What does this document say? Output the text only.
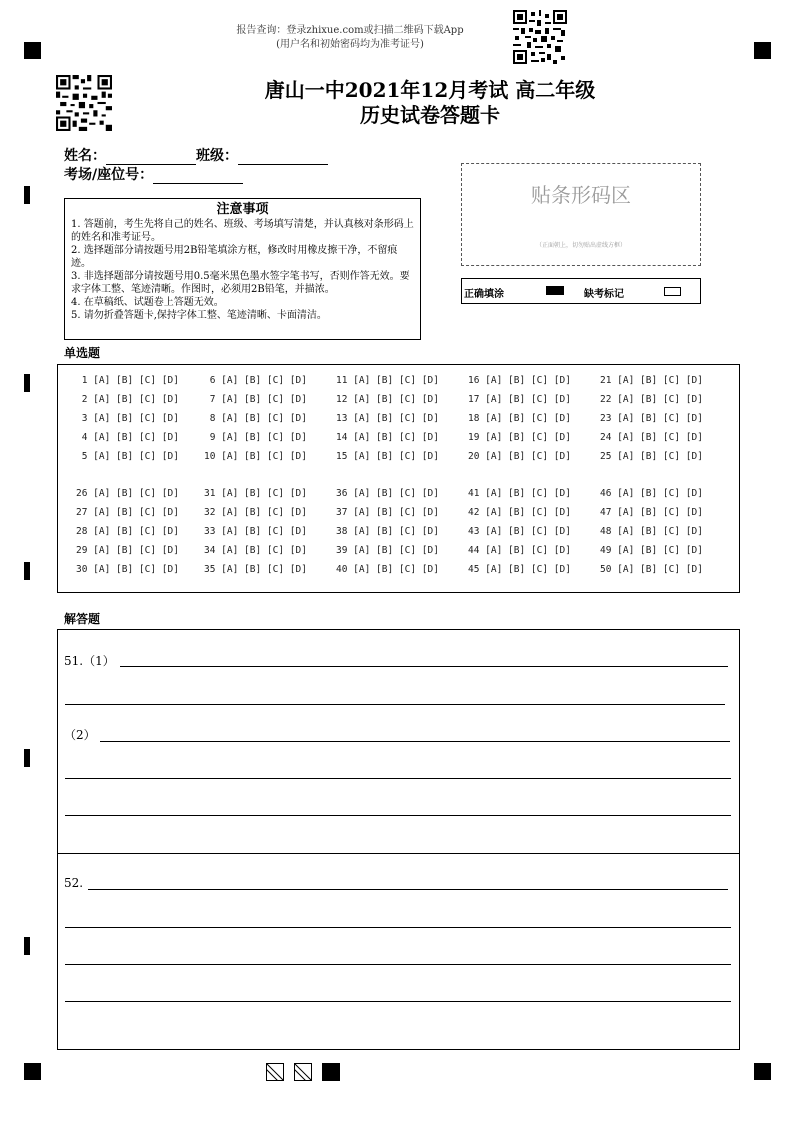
报告查询：登录zhixue.com或扫描二维码下载App
(用户名和初始密码均为准考证号)
唐山一中2021年12月考试 高二年级
历史试卷答题卡
姓名：	班级：
考场/座位号：
注意事项

1. 答题前，考生先将自己的姓名、班级、考场填写清楚，并认真核对条形码上的姓名和准考证号。

2. 选择题部分请按题号用2B铅笔填涂方框，修改时用橡皮擦干净，不留痕迹。

3. 非选择题部分请按题号用0.5毫米黑色墨水签字笔书写，否则作答无效。要求字体工整、笔迹清晰。作图时，必须用2B铅笔，并描浓。

4. 在草稿纸、试题卷上答题无效。

5. 请勿折叠答题卡,保持字体工整、笔迹清晰、卡面清洁。

贴条形码区
（正面朝上，切勿贴出虚线方框）
正确填涂	缺考标记
单选题
1 [A] [B] [C] [D]	6 [A] [B] [C] [D]	11 [A] [B] [C] [D]	16 [A] [B] [C] [D]	21 [A] [B] [C] [D]
2 [A] [B] [C] [D]	7 [A] [B] [C] [D]	12 [A] [B] [C] [D]	17 [A] [B] [C] [D]	22 [A] [B] [C] [D]
3 [A] [B] [C] [D]	8 [A] [B] [C] [D]	13 [A] [B] [C] [D]	18 [A] [B] [C] [D]	23 [A] [B] [C] [D]
4 [A] [B] [C] [D]	9 [A] [B] [C] [D]	14 [A] [B] [C] [D]	19 [A] [B] [C] [D]	24 [A] [B] [C] [D]
5 [A] [B] [C] [D]	10 [A] [B] [C] [D]	15 [A] [B] [C] [D]	20 [A] [B] [C] [D]	25 [A] [B] [C] [D]
26 [A] [B] [C] [D]	31 [A] [B] [C] [D]	36 [A] [B] [C] [D]	41 [A] [B] [C] [D]	46 [A] [B] [C] [D]
27 [A] [B] [C] [D]	32 [A] [B] [C] [D]	37 [A] [B] [C] [D]	42 [A] [B] [C] [D]	47 [A] [B] [C] [D]
28 [A] [B] [C] [D]	33 [A] [B] [C] [D]	38 [A] [B] [C] [D]	43 [A] [B] [C] [D]	48 [A] [B] [C] [D]
29 [A] [B] [C] [D]	34 [A] [B] [C] [D]	39 [A] [B] [C] [D]	44 [A] [B] [C] [D]	49 [A] [B] [C] [D]
30 [A] [B] [C] [D]	35 [A] [B] [C] [D]	40 [A] [B] [C] [D]	45 [A] [B] [C] [D]	50 [A] [B] [C] [D]
解答题
51.（1）
（2）
52.
